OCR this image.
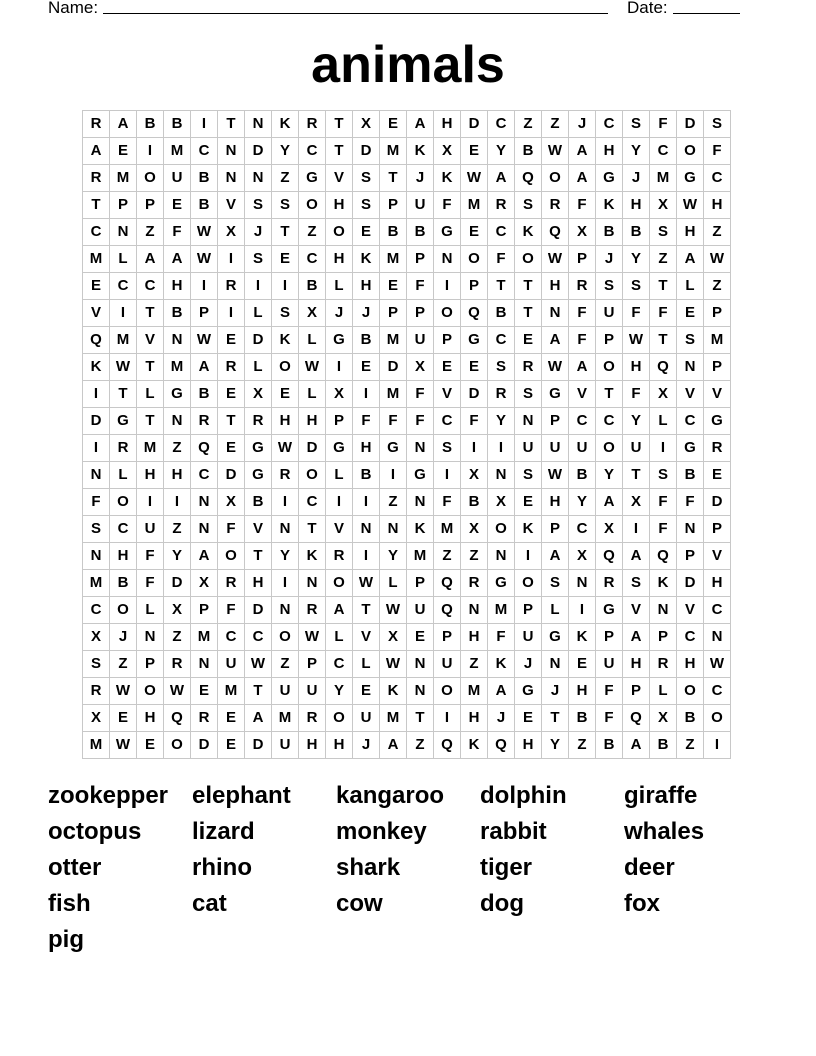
Name:	Date:
animals
R	A	B	B	I	T	N	K	R	T	X	E	A	H	D	C	Z	Z	J	C	S	F	D	S
A	E	I	M	C	N	D	Y	C	T	D	M	K	X	E	Y	B	W	A	H	Y	C	O	F
R	M	O	U	B	N	N	Z	G	V	S	T	J	K	W	A	Q	O	A	G	J	M	G	C
T	P	P	E	B	V	S	S	O	H	S	P	U	F	M	R	S	R	F	K	H	X	W	H
C	N	Z	F	W	X	J	T	Z	O	E	B	B	G	E	C	K	Q	X	B	B	S	H	Z
M	L	A	A	W	I	S	E	C	H	K	M	P	N	O	F	O	W	P	J	Y	Z	A	W
E	C	C	H	I	R	I	I	B	L	H	E	F	I	P	T	T	H	R	S	S	T	L	Z
V	I	T	B	P	I	L	S	X	J	J	P	P	O	Q	B	T	N	F	U	F	F	E	P
Q	M	V	N	W	E	D	K	L	G	B	M	U	P	G	C	E	A	F	P	W	T	S	M
K	W	T	M	A	R	L	O	W	I	E	D	X	E	E	S	R	W	A	O	H	Q	N	P
I	T	L	G	B	E	X	E	L	X	I	M	F	V	D	R	S	G	V	T	F	X	V	V
D	G	T	N	R	T	R	H	H	P	F	F	F	C	F	Y	N	P	C	C	Y	L	C	G
I	R	M	Z	Q	E	G	W	D	G	H	G	N	S	I	I	U	U	U	O	U	I	G	R
N	L	H	H	C	D	G	R	O	L	B	I	G	I	X	N	S	W	B	Y	T	S	B	E
F	O	I	I	N	X	B	I	C	I	I	Z	N	F	B	X	E	H	Y	A	X	F	F	D
S	C	U	Z	N	F	V	N	T	V	N	N	K	M	X	O	K	P	C	X	I	F	N	P
N	H	F	Y	A	O	T	Y	K	R	I	Y	M	Z	Z	N	I	A	X	Q	A	Q	P	V
M	B	F	D	X	R	H	I	N	O	W	L	P	Q	R	G	O	S	N	R	S	K	D	H
C	O	L	X	P	F	D	N	R	A	T	W	U	Q	N	M	P	L	I	G	V	N	V	C
X	J	N	Z	M	C	C	O	W	L	V	X	E	P	H	F	U	G	K	P	A	P	C	N
S	Z	P	R	N	U	W	Z	P	C	L	W	N	U	Z	K	J	N	E	U	H	R	H	W
R	W	O	W	E	M	T	U	U	Y	E	K	N	O	M	A	G	J	H	F	P	L	O	C
X	E	H	Q	R	E	A	M	R	O	U	M	T	I	H	J	E	T	B	F	Q	X	B	O
M	W	E	O	D	E	D	U	H	H	J	A	Z	Q	K	Q	H	Y	Z	B	A	B	Z	I
zookepper elephant kangaroo dolphin giraffe
octopus lizard	monkey rabbit	whales
otter	rhino	shark	tiger	deer
fish	cat	cow	dog	fox
pig
